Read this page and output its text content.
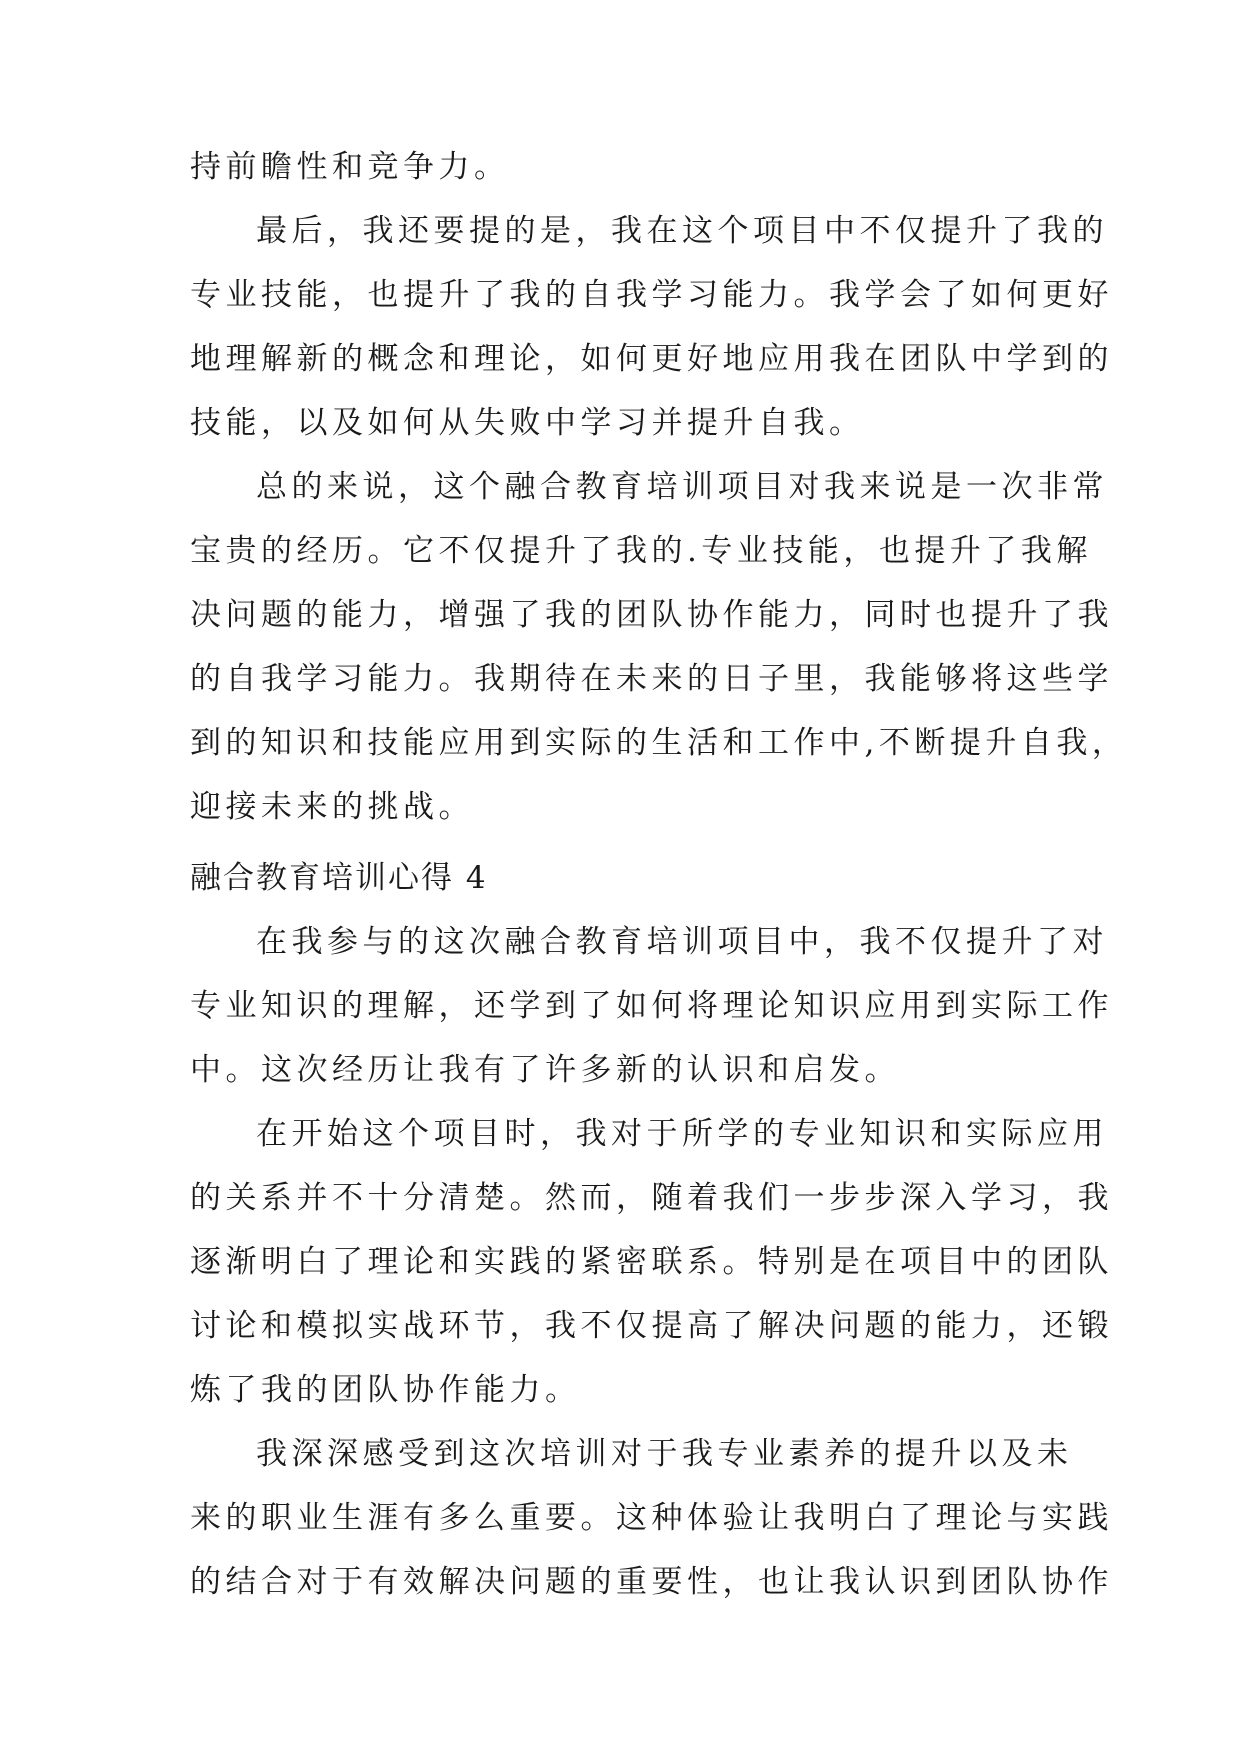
持前瞻性和竞争力。
最后，我还要提的是，我在这个项目中不仅提升了我的
专业技能，也提升了我的自我学习能力。我学会了如何更好
地理解新的概念和理论，如何更好地应用我在团队中学到的
技能，以及如何从失败中学习并提升自我。
总的来说，这个融合教育培训项目对我来说是一次非常
宝贵的经历。它不仅提升了我的.专业技能，也提升了我解
决问题的能力，增强了我的团队协作能力，同时也提升了我
的自我学习能力。我期待在未来的日子里，我能够将这些学
到的知识和技能应用到实际的生活和工作中,不断提升自我，
迎接未来的挑战。
融合教育培训心得 4
在我参与的这次融合教育培训项目中，我不仅提升了对
专业知识的理解，还学到了如何将理论知识应用到实际工作
中。这次经历让我有了许多新的认识和启发。
在开始这个项目时，我对于所学的专业知识和实际应用
的关系并不十分清楚。然而，随着我们一步步深入学习，我
逐渐明白了理论和实践的紧密联系。特别是在项目中的团队
讨论和模拟实战环节，我不仅提高了解决问题的能力，还锻
炼了我的团队协作能力。
我深深感受到这次培训对于我专业素养的提升以及未
来的职业生涯有多么重要。这种体验让我明白了理论与实践
的结合对于有效解决问题的重要性，也让我认识到团队协作
